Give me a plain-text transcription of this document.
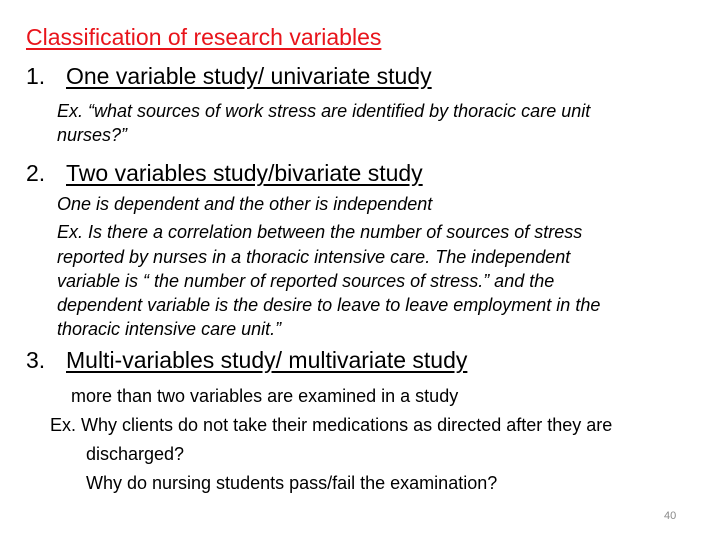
Classification of research variables
1. One variable study/ univariate study
Ex. “what sources of work stress are identified by thoracic care unit
nurses?”
2. Two variables study/bivariate study
One is dependent and the other is independent
Ex. Is there a correlation between the number of sources of stress
reported by nurses in a thoracic intensive care. The independent
variable is “ the number of reported sources of stress.” and the
dependent variable is the desire to leave to leave employment in the
thoracic intensive care unit.”
3. Multi-variables study/ multivariate study
more than two variables are examined in a study
Ex. Why clients do not take their medications as directed after they are
discharged?
Why do nursing students pass/fail the examination?
40
